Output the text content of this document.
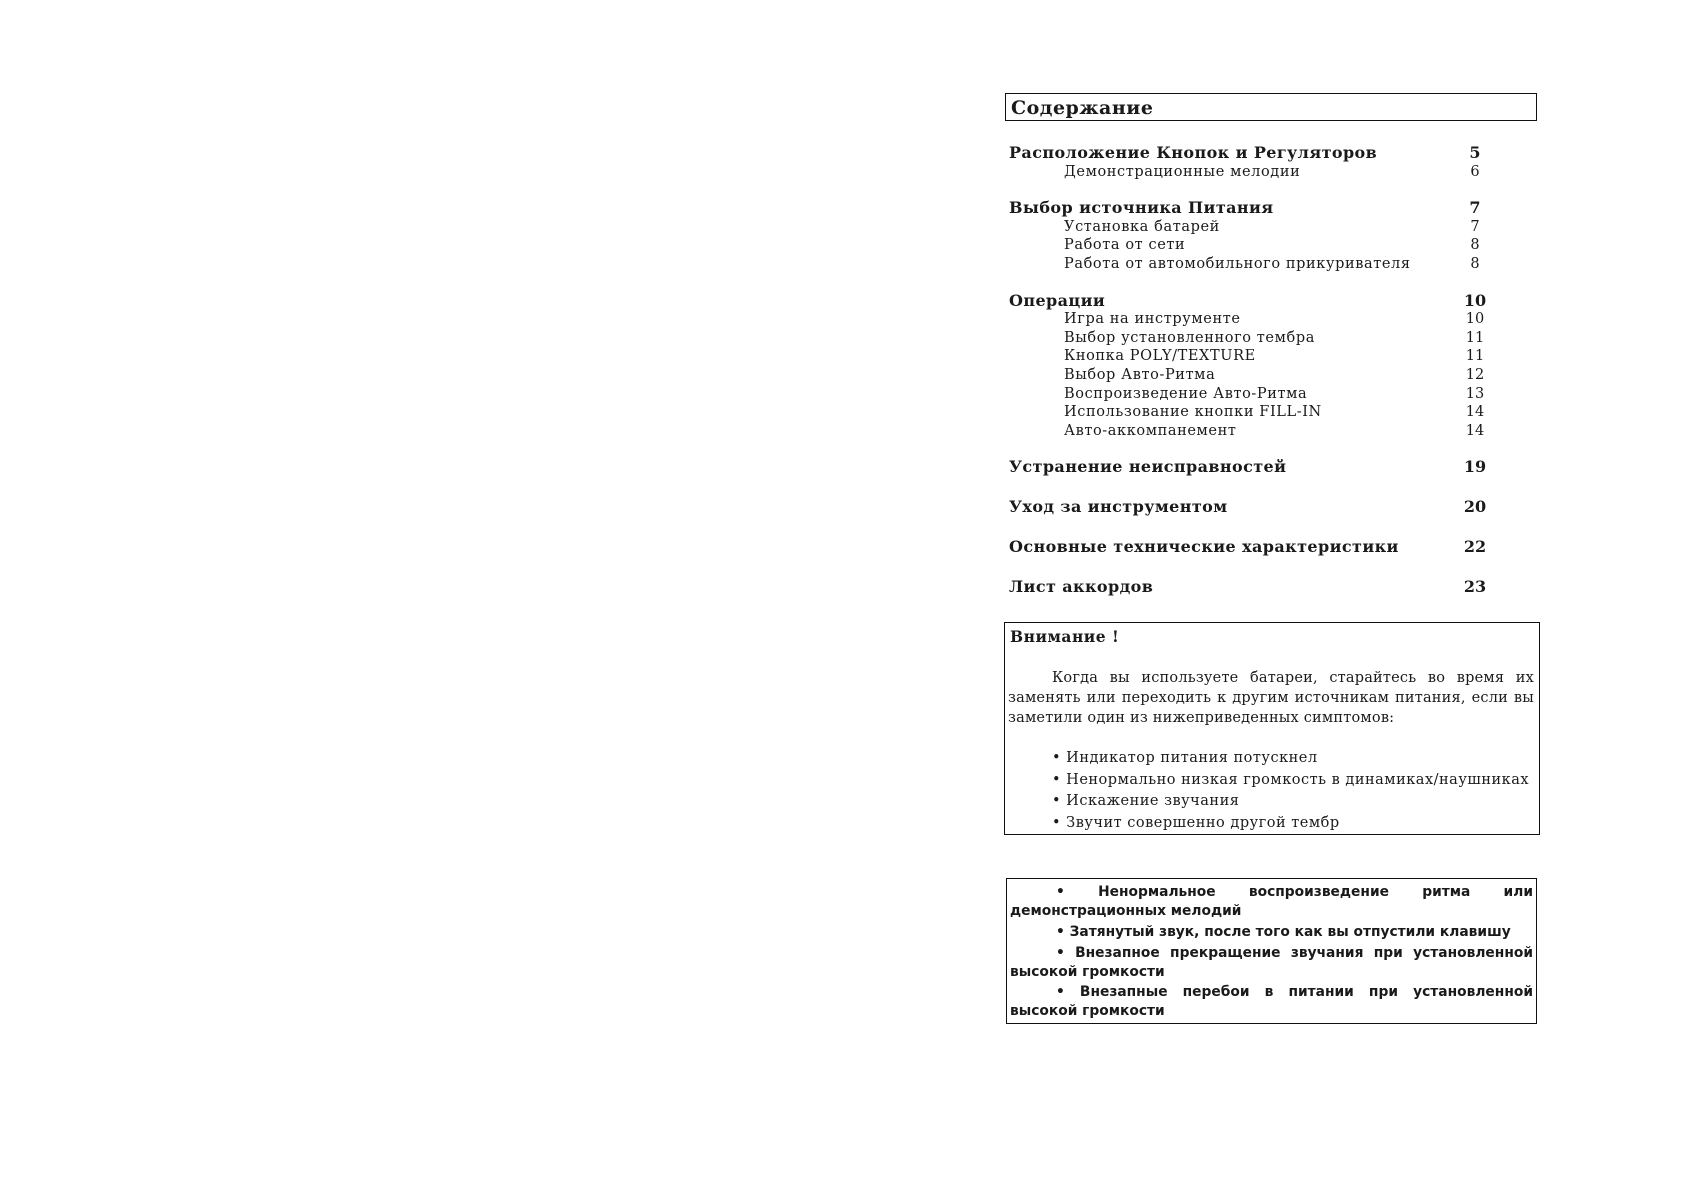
Содержание
Расположение Кнопок и Регуляторов	5
Демонстрационные мелодии	6
Выбор источника Питания	7
Установка батарей	7
Работа от сети	8
Работа от автомобильного прикуривателя	8
Операции	10
Игра на инструменте	10
Выбор установленного тембра	11
Кнопка POLY/TEXTURE	11
Выбор Авто-Ритма	12
Воспроизведение Авто-Ритма	13
Использование кнопки FILL-IN	14
Авто-аккомпанемент	14
Устранение неисправностей	19
Уход за инструментом	20
Основные технические характеристики	22
Лист аккордов	23
Внимание !
Когда вы используете батареи, старайтесь во время их заменять или переходить к другим источникам питания, если вы заметили один из нижеприведенных симптомов:
• Индикатор питания потускнел
• Ненормально низкая громкость в динамиках/наушниках
• Искажение звучания
• Звучит совершенно другой тембр
• Ненормальное воспроизведение ритма или демонстрационных мелодий
• Затянутый звук, после того как вы отпустили клавишу
• Внезапное прекращение звучания при установленной высокой громкости
• Внезапные перебои в питании при установленной высокой громкости
